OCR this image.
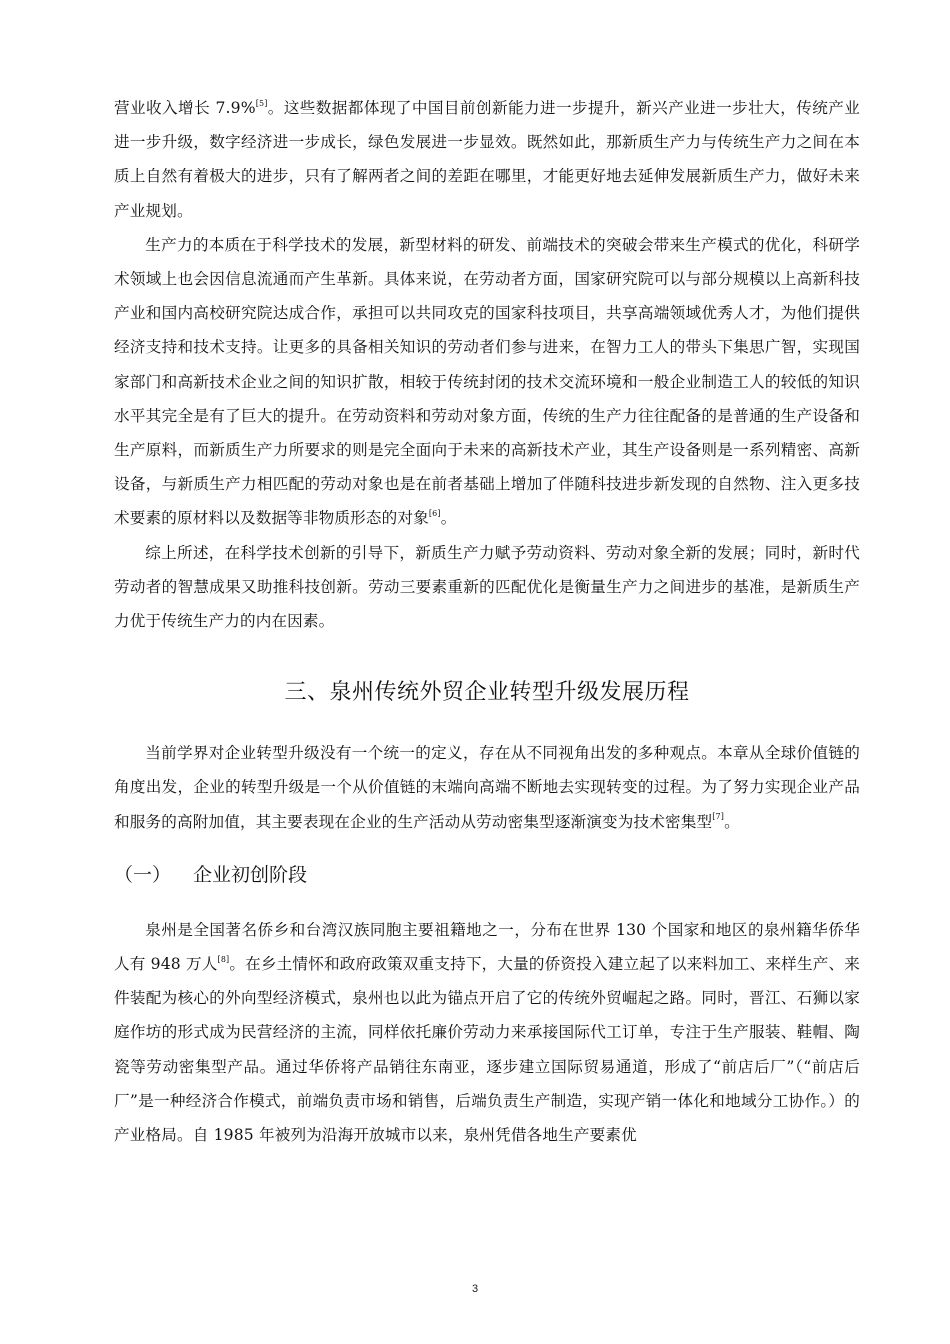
营业收入增长 7.9%[5]。这些数据都体现了中国目前创新能力进一步提升，新兴产业进一步壮大，传统产业进一步升级，数字经济进一步成长，绿色发展进一步显效。既然如此，那新质生产力与传统生产力之间在本质上自然有着极大的进步，只有了解两者之间的差距在哪里，才能更好地去延伸发展新质生产力，做好未来产业规划。

生产力的本质在于科学技术的发展，新型材料的研发、前端技术的突破会带来生产模式的优化，科研学术领域上也会因信息流通而产生革新。具体来说，在劳动者方面，国家研究院可以与部分规模以上高新科技产业和国内高校研究院达成合作，承担可以共同攻克的国家科技项目，共享高端领域优秀人才，为他们提供经济支持和技术支持。让更多的具备相关知识的劳动者们参与进来，在智力工人的带头下集思广智，实现国家部门和高新技术企业之间的知识扩散，相较于传统封闭的技术交流环境和一般企业制造工人的较低的知识水平其完全是有了巨大的提升。在劳动资料和劳动对象方面，传统的生产力往往配备的是普通的生产设备和生产原料，而新质生产力所要求的则是完全面向于未来的高新技术产业，其生产设备则是一系列精密、高新设备，与新质生产力相匹配的劳动对象也是在前者基础上增加了伴随科技进步新发现的自然物、注入更多技术要素的原材料以及数据等非物质形态的对象[6]。

综上所述，在科学技术创新的引导下，新质生产力赋予劳动资料、劳动对象全新的发展；同时，新时代劳动者的智慧成果又助推科技创新。劳动三要素重新的匹配优化是衡量生产力之间进步的基准，是新质生产力优于传统生产力的内在因素。

三、泉州传统外贸企业转型升级发展历程

当前学界对企业转型升级没有一个统一的定义，存在从不同视角出发的多种观点。本章从全球价值链的角度出发，企业的转型升级是一个从价值链的末端向高端不断地去实现转变的过程。为了努力实现企业产品和服务的高附加值，其主要表现在企业的生产活动从劳动密集型逐渐演变为技术密集型[7]。

（一） 企业初创阶段

泉州是全国著名侨乡和台湾汉族同胞主要祖籍地之一，分布在世界 130 个国家和地区的泉州籍华侨华人有 948 万人[8]。在乡土情怀和政府政策双重支持下，大量的侨资投入建立起了以来料加工、来样生产、来件装配为核心的外向型经济模式，泉州也以此为锚点开启了它的传统外贸崛起之路。同时，晋江、石狮以家庭作坊的形式成为民营经济的主流，同样依托廉价劳动力来承接国际代工订单，专注于生产服装、鞋帽、陶瓷等劳动密集型产品。通过华侨将产品销往东南亚，逐步建立国际贸易通道，形成了“前店后厂”（“前店后厂”是一种经济合作模式，前端负责市场和销售，后端负责生产制造，实现产销一体化和地域分工协作。）的产业格局。自 1985 年被列为沿海开放城市以来，泉州凭借各地生产要素优

3
